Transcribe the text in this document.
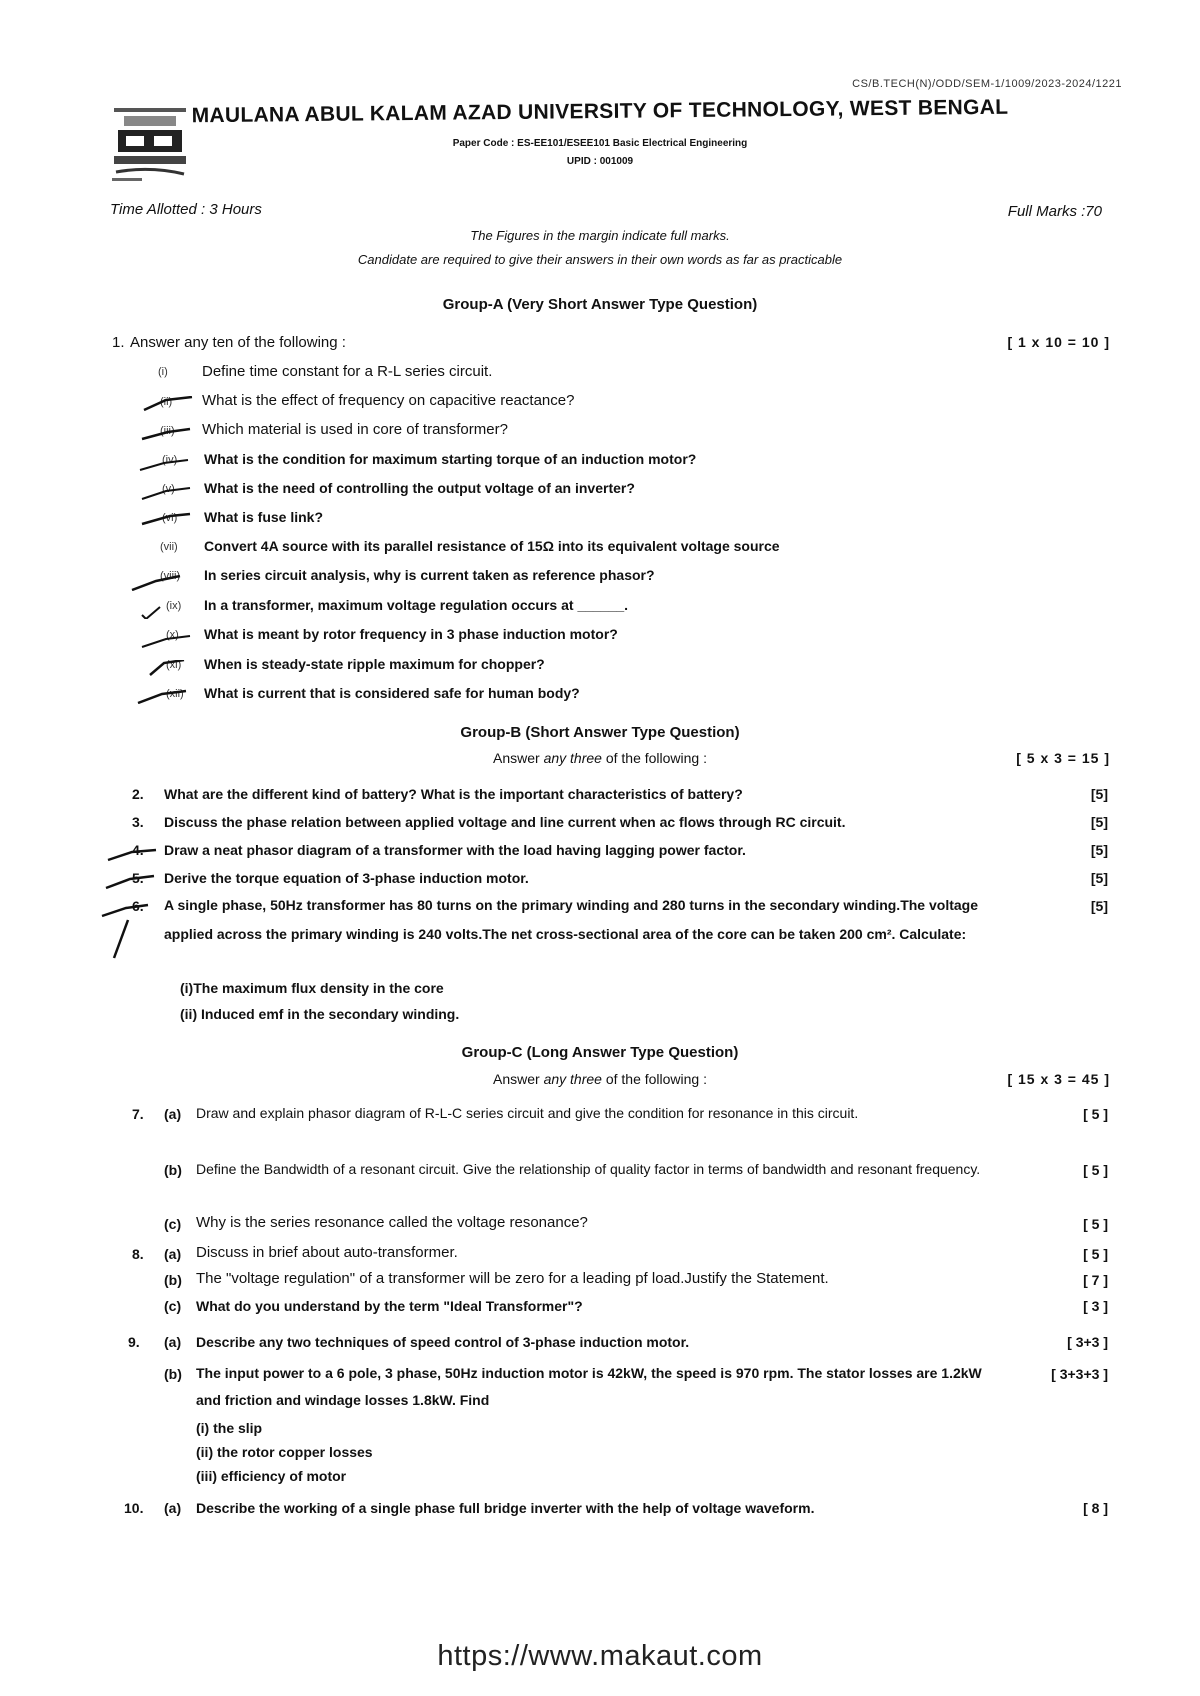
CS/B.TECH(N)/ODD/SEM-1/1009/2023-2024/1221
MAULANA ABUL KALAM AZAD UNIVERSITY OF TECHNOLOGY, WEST BENGAL
Paper Code : ES-EE101/ESEE101 Basic Electrical Engineering
UPID : 001009
Time Allotted : 3 Hours	Full Marks :70
The Figures in the margin indicate full marks.
Candidate are required to give their answers in their own words as far as practicable
Group-A (Very Short Answer Type Question)
1. Answer any ten of the following :	[ 1 x 10 = 10 ]
(i) Define time constant for a R-L series circuit.
(ii) What is the effect of frequency on capacitive reactance?
(iii) Which material is used in core of transformer?
(iv) What is the condition for maximum starting torque of an induction motor?
(v) What is the need of controlling the output voltage of an inverter?
(vi) What is fuse link?
(vii) Convert 4A source with its parallel resistance of 15Ω into its equivalent voltage source
(viii) In series circuit analysis, why is current taken as reference phasor?
(ix) In a transformer, maximum voltage regulation occurs at ______.
(x) What is meant by rotor frequency in 3 phase induction motor?
(xi) When is steady-state ripple maximum for chopper?
(xii) What is current that is considered safe for human body?
Group-B (Short Answer Type Question)
Answer any three of the following :	[ 5 x 3 = 15 ]
2. What are the different kind of battery? What is the important characteristics of battery?	[5]
3. Discuss the phase relation between applied voltage and line current when ac flows through RC circuit.	[5]
4. Draw a neat phasor diagram of a transformer with the load having lagging power factor.	[5]
5. Derive the torque equation of 3-phase induction motor.	[5]
6. A single phase, 50Hz transformer has 80 turns on the primary winding and 280 turns in the secondary winding.The voltage applied across the primary winding is 240 volts.The net cross-sectional area of the core can be taken 200 cm². Calculate:
[5]
(i)The maximum flux density in the core
(ii) Induced emf in the secondary winding.
Group-C (Long Answer Type Question)
Answer any three of the following :	[ 15 x 3 = 45 ]
7. (a) Draw and explain phasor diagram of R-L-C series circuit and give the condition for resonance in this circuit.	[ 5 ]
(b) Define the Bandwidth of a resonant circuit. Give the relationship of quality factor in terms of bandwidth and resonant frequency.	[ 5 ]
(c) Why is the series resonance called the voltage resonance?	[ 5 ]
8. (a) Discuss in brief about auto-transformer.	[ 5 ]
(b) The "voltage regulation" of a transformer will be zero for a leading pf load.Justify the Statement.	[ 7 ]
(c) What do you understand by the term "Ideal Transformer"?	[ 3 ]
9. (a) Describe any two techniques of speed control of 3-phase induction motor.	[ 3+3 ]
(b) The input power to a 6 pole, 3 phase, 50Hz induction motor is 42kW, the speed is 970 rpm. The stator losses are 1.2kW and friction and windage losses 1.8kW. Find
[ 3+3+3 ]
(i) the slip
(ii) the rotor copper losses
(iii) efficiency of motor
10. (a) Describe the working of a single phase full bridge inverter with the help of voltage waveform.	[ 8 ]
https://www.makaut.com
